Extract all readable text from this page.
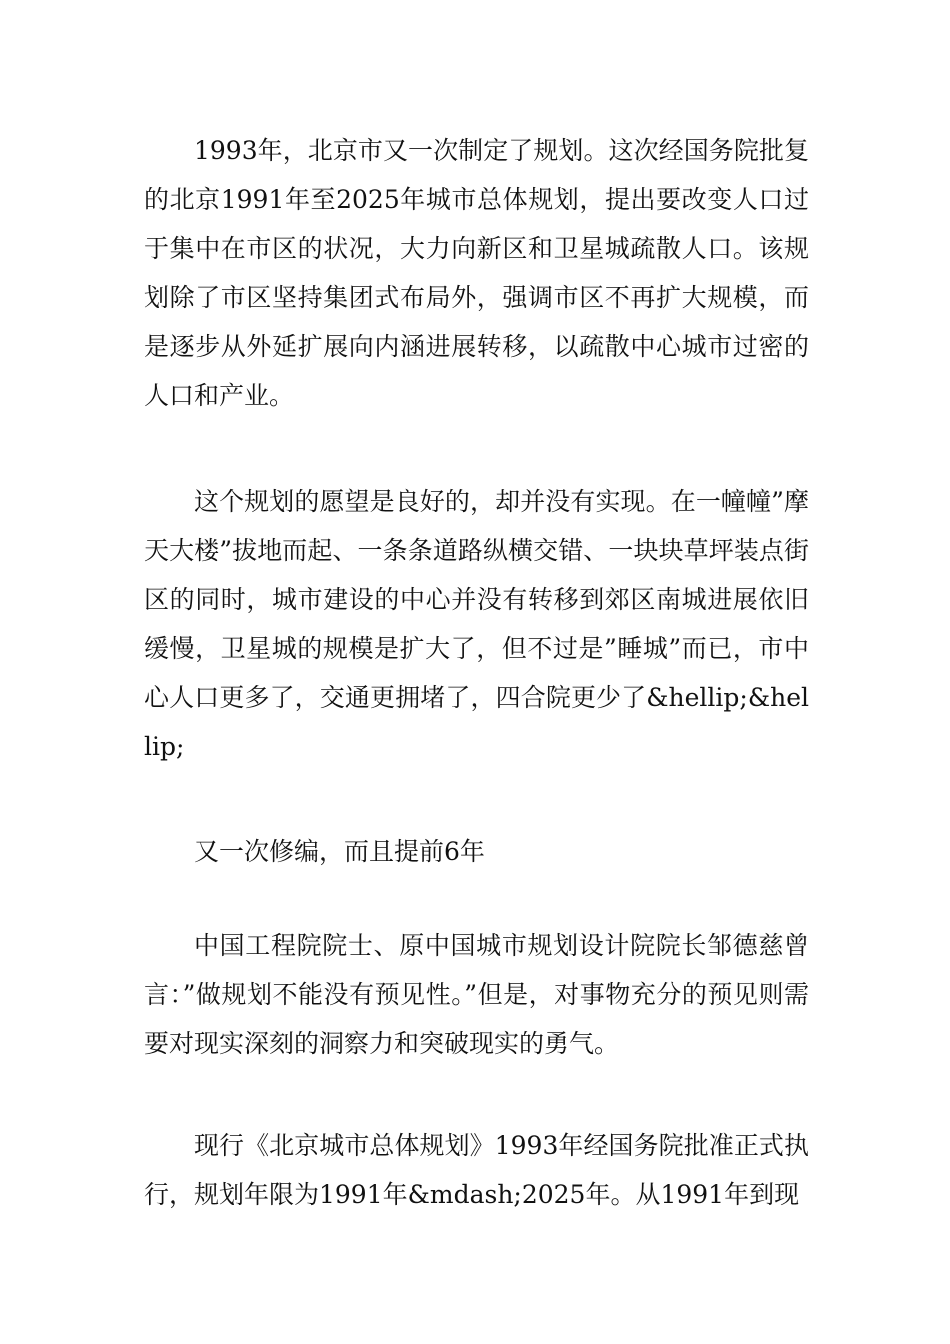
1993年，北京市又一次制定了规划。这次经国务院批复的北京1991年至2025年城市总体规划，提出要改变人口过于集中在市区的状况，大力向新区和卫星城疏散人口。该规划除了市区坚持集团式布局外，强调市区不再扩大规模，而是逐步从外延扩展向内涵进展转移，以疏散中心城市过密的人口和产业。

这个规划的愿望是良好的，却并没有实现。在一幢幢”摩天大楼”拔地而起、一条条道路纵横交错、一块块草坪装点街区的同时，城市建设的中心并没有转移到郊区南城进展依旧缓慢，卫星城的规模是扩大了，但不过是”睡城”而已，市中心人口更多了，交通更拥堵了，四合院更少了&hellip;&hellip;

又一次修编，而且提前6年

中国工程院院士、原中国城市规划设计院院长邹德慈曾言：”做规划不能没有预见性。”但是，对事物充分的预见则需要对现实深刻的洞察力和突破现实的勇气。

现行《北京城市总体规划》1993年经国务院批准正式执行，规划年限为1991年&mdash;2025年。从1991年到现
